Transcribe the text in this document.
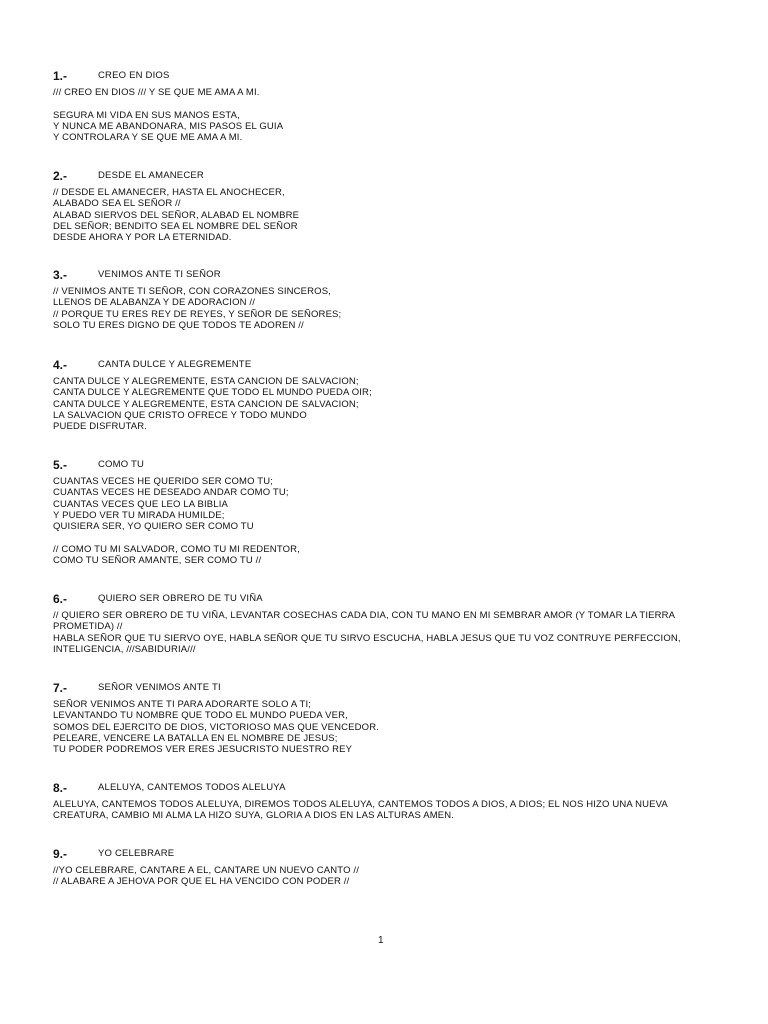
1.-	CREO EN DIOS
/// CREO EN DIOS /// Y SE QUE ME AMA A MI.
SEGURA MI VIDA EN SUS MANOS ESTA,
Y NUNCA ME ABANDONARA, MIS PASOS EL GUIA
Y CONTROLARA Y SE QUE ME AMA A MI.
2.-	DESDE EL AMANECER
// DESDE EL AMANECER, HASTA EL ANOCHECER,
ALABADO SEA EL SEÑOR //
ALABAD SIERVOS DEL SEÑOR, ALABAD EL NOMBRE
DEL SEÑOR; BENDITO SEA EL NOMBRE DEL SEÑOR
DESDE AHORA Y POR LA ETERNIDAD.
3.-	VENIMOS ANTE TI SEÑOR
// VENIMOS ANTE TI SEÑOR, CON CORAZONES SINCEROS,
LLENOS DE ALABANZA Y DE ADORACION //
// PORQUE TU ERES REY DE REYES, Y SEÑOR DE SEÑORES;
SOLO TU ERES DIGNO DE QUE TODOS TE ADOREN //
4.-	CANTA DULCE Y ALEGREMENTE
CANTA DULCE Y ALEGREMENTE, ESTA CANCION DE SALVACION;
CANTA DULCE Y ALEGREMENTE QUE TODO EL MUNDO PUEDA OIR;
CANTA DULCE Y ALEGREMENTE, ESTA CANCION DE SALVACION;
LA SALVACION QUE CRISTO OFRECE Y TODO MUNDO
PUEDE DISFRUTAR.
5.-	COMO TU
CUANTAS VECES HE QUERIDO SER COMO TU;
CUANTAS VECES HE DESEADO ANDAR COMO TU;
CUANTAS VECES QUE LEO LA BIBLIA
Y PUEDO VER TU MIRADA HUMILDE;
QUISIERA SER, YO QUIERO SER COMO TU
// COMO TU MI SALVADOR, COMO TU MI REDENTOR,
COMO TU SEÑOR AMANTE, SER COMO TU //
6.-	QUIERO SER OBRERO DE TU VIÑA
// QUIERO SER OBRERO DE TU VIÑA, LEVANTAR COSECHAS CADA DIA, CON TU MANO EN MI SEMBRAR AMOR (Y TOMAR LA TIERRA
PROMETIDA) //
HABLA SEÑOR QUE TU SIERVO OYE, HABLA SEÑOR QUE TU SIRVO ESCUCHA, HABLA JESUS QUE TU VOZ CONTRUYE PERFECCION,
INTELIGENCIA, ///SABIDURIA///
7.-	SEÑOR VENIMOS ANTE TI
SEÑOR VENIMOS ANTE TI PARA ADORARTE SOLO A TI;
LEVANTANDO TU NOMBRE QUE TODO EL MUNDO PUEDA VER,
SOMOS DEL EJERCITO DE DIOS, VICTORIOSO MAS QUE VENCEDOR.
PELEARE, VENCERE LA BATALLA EN EL NOMBRE DE JESUS;
TU PODER PODREMOS VER ERES JESUCRISTO NUESTRO REY
8.-	ALELUYA, CANTEMOS TODOS ALELUYA
ALELUYA, CANTEMOS TODOS ALELUYA, DIREMOS TODOS ALELUYA, CANTEMOS TODOS A DIOS, A DIOS; EL NOS HIZO UNA NUEVA
CREATURA, CAMBIO MI ALMA LA HIZO SUYA, GLORIA A DIOS EN LAS ALTURAS AMEN.
9.-	YO CELEBRARE
//YO CELEBRARE, CANTARE A EL, CANTARE UN NUEVO CANTO //
// ALABARE A JEHOVA POR QUE EL HA VENCIDO CON PODER //
1
